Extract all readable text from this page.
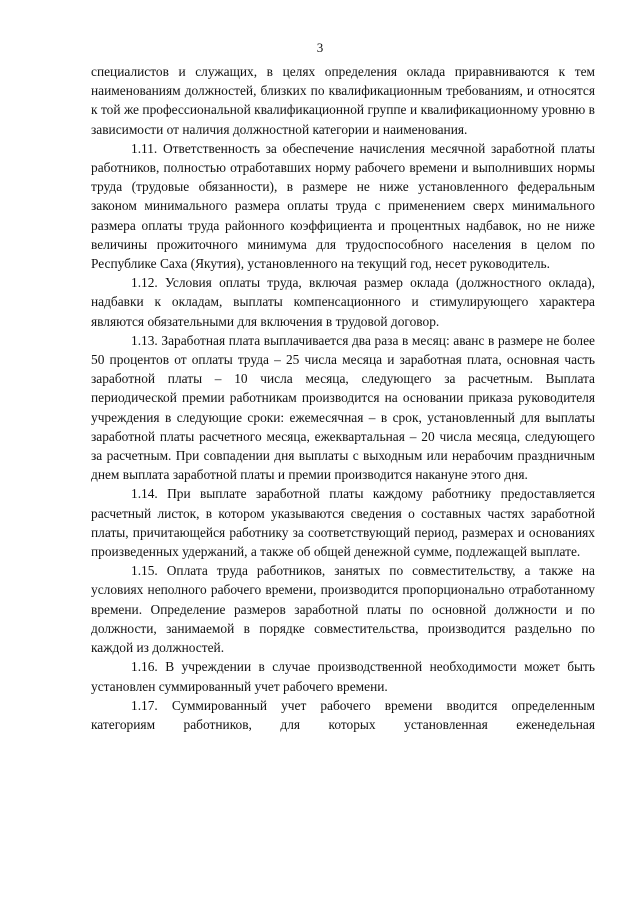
3

специалистов и служащих, в целях определения оклада приравниваются к тем наименованиям должностей, близких по квалификационным требованиям, и относятся к той же профессиональной квалификационной группе и квалификационному уровню в зависимости от наличия должностной категории и наименования.

1.11. Ответственность за обеспечение начисления месячной заработной платы работников, полностью отработавших норму рабочего времени и выполнивших нормы труда (трудовые обязанности), в размере не ниже установленного федеральным законом минимального размера оплаты труда с применением сверх минимального размера оплаты труда районного коэффициента и процентных надбавок, но не ниже величины прожиточного минимума для трудоспособного населения в целом по Республике Саха (Якутия), установленного на текущий год, несет руководитель.

1.12. Условия оплаты труда, включая размер оклада (должностного оклада), надбавки к окладам, выплаты компенсационного и стимулирующего характера являются обязательными для включения в трудовой договор.

1.13. Заработная плата выплачивается два раза в месяц: аванс в размере не более 50 процентов от оплаты труда – 25 числа месяца и заработная плата, основная часть заработной платы – 10 числа месяца, следующего за расчетным. Выплата периодической премии работникам производится на основании приказа руководителя учреждения в следующие сроки: ежемесячная – в срок, установленный для выплаты заработной платы расчетного месяца, ежеквартальная – 20 числа месяца, следующего за расчетным. При совпадении дня выплаты с выходным или нерабочим праздничным днем выплата заработной платы и премии производится накануне этого дня.

1.14. При выплате заработной платы каждому работнику предоставляется расчетный листок, в котором указываются сведения о составных частях заработной платы, причитающейся работнику за соответствующий период, размерах и основаниях произведенных удержаний, а также об общей денежной сумме, подлежащей выплате.

1.15. Оплата труда работников, занятых по совместительству, а также на условиях неполного рабочего времени, производится пропорционально отработанному времени. Определение размеров заработной платы по основной должности и по должности, занимаемой в порядке совместительства, производится раздельно по каждой из должностей.

1.16. В учреждении в случае производственной необходимости может быть установлен суммированный учет рабочего времени.

1.17. Суммированный учет рабочего времени вводится определенным категориям работников, для которых установленная еженедельная
